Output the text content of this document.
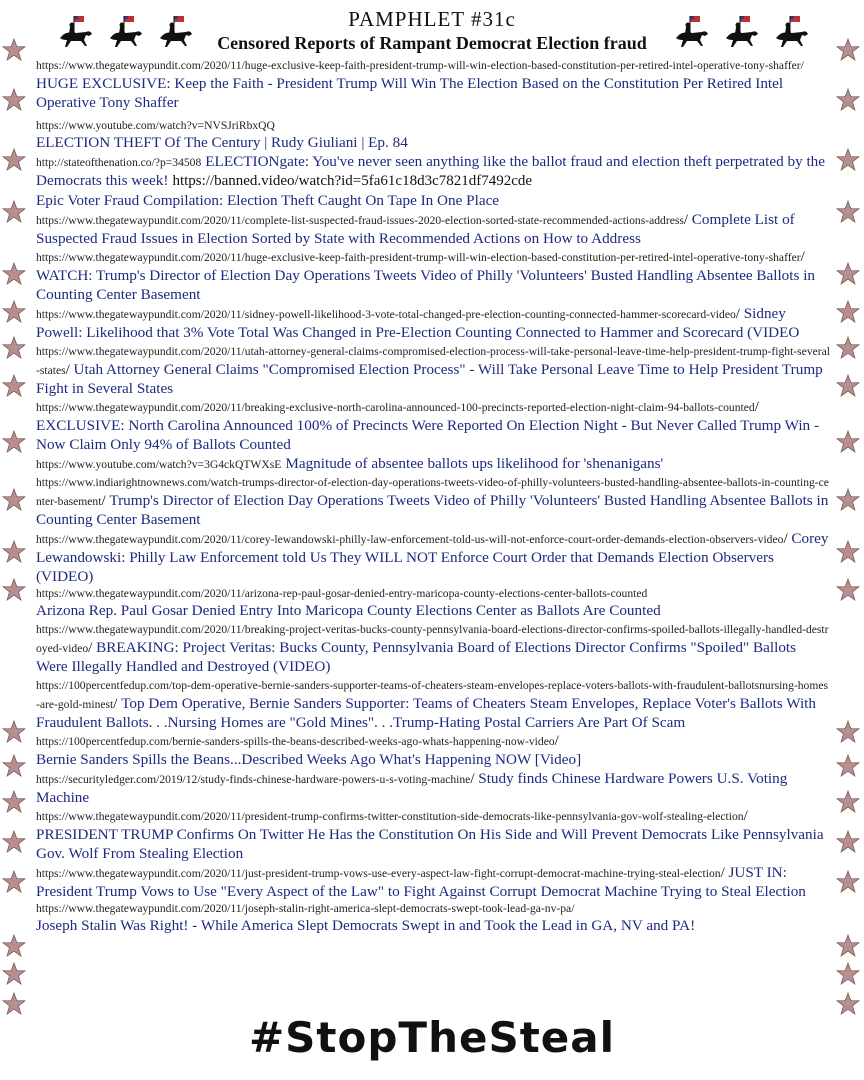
PAMPHLET #31c
Censored Reports of Rampant Democrat Election fraud
https://www.thegatewaypundit.com/2020/11/huge-exclusive-keep-faith-president-trump-will-win-election-based-constitution-per-retired-intel-operative-tony-shaffer/ HUGE EXCLUSIVE: Keep the Faith - President Trump Will Win The Election Based on the Constitution Per Retired Intel Operative Tony Shaffer
https://www.youtube.com/watch?v=NVSJriRbxQQ
ELECTION THEFT Of The Century | Rudy Giuliani | Ep. 84
http://stateofthenation.co/?p=34508 ELECTIONgate: You've never seen anything like the ballot fraud and election theft perpetrated by the Democrats this week! https://banned.video/watch?id=5fa61c18d3c7821df7492cde
Epic Voter Fraud Compilation: Election Theft Caught On Tape In One Place
https://www.thegatewaypundit.com/2020/11/complete-list-suspected-fraud-issues-2020-election-sorted-state-recommended-actions-address/ Complete List of Suspected Fraud Issues in Election Sorted by State with Recommended Actions on How to Address
https://www.thegatewaypundit.com/2020/11/huge-exclusive-keep-faith-president-trump-will-win-election-based-constitution-per-retired-intel-operative-tony-shaffer/ WATCH: Trump's Director of Election Day Operations Tweets Video of Philly 'Volunteers' Busted Handling Absentee Ballots in Counting Center Basement
https://www.thegatewaypundit.com/2020/11/sidney-powell-likelihood-3-vote-total-changed-pre-election-counting-connected-hammer-scorecard-video/ Sidney Powell: Likelihood that 3% Vote Total Was Changed in Pre-Election Counting Connected to Hammer and Scorecard (VIDEO
https://www.thegatewaypundit.com/2020/11/utah-attorney-general-claims-compromised-election-process-will-take-personal-leave-time-help-president-trump-fight-several-states/ Utah Attorney General Claims "Compromised Election Process" - Will Take Personal Leave Time to Help President Trump Fight in Several States
https://www.thegatewaypundit.com/2020/11/breaking-exclusive-north-carolina-announced-100-precincts-reported-election-night-claim-94-ballots-counted/ EXCLUSIVE: North Carolina Announced 100% of Precincts Were Reported On Election Night - But Never Called Trump Win - Now Claim Only 94% of Ballots Counted
https://www.youtube.com/watch?v=3G4ckQTWXsE Magnitude of absentee ballots ups likelihood for 'shenanigans'
https://www.indiarightnownews.com/watch-trumps-director-of-election-day-operations-tweets-video-of-philly-volunteers-busted-handling-absentee-ballots-in-counting-center-basement/ Trump's Director of Election Day Operations Tweets Video of Philly 'Volunteers' Busted Handling Absentee Ballots in Counting Center Basement
https://www.thegatewaypundit.com/2020/11/corey-lewandowski-philly-law-enforcement-told-us-will-not-enforce-court-order-demands-election-observers-video/ Corey Lewandowski: Philly Law Enforcement told Us They WILL NOT Enforce Court Order that Demands Election Observers (VIDEO)
https://www.thegatewaypundit.com/2020/11/arizona-rep-paul-gosar-denied-entry-maricopa-county-elections-center-ballots-counted
Arizona Rep. Paul Gosar Denied Entry Into Maricopa County Elections Center as Ballots Are Counted
https://www.thegatewaypundit.com/2020/11/breaking-project-veritas-bucks-county-pennsylvania-board-elections-director-confirms-spoiled-ballots-illegally-handled-destroyed-video/ BREAKING: Project Veritas: Bucks County, Pennsylvania Board of Elections Director Confirms "Spoiled" Ballots Were Illegally Handled and Destroyed (VIDEO)
https://100percentfedup.com/top-dem-operative-bernie-sanders-supporter-teams-of-cheaters-steam-envelopes-replace-voters-ballots-with-fraudulent-ballotsnursing-homes-are-gold-minest/ Top Dem Operative, Bernie Sanders Supporter: Teams of Cheaters Steam Envelopes, Replace Voter's Ballots With Fraudulent Ballots. . .Nursing Homes are "Gold Mines". . .Trump-Hating Postal Carriers Are Part Of Scam
https://100percentfedup.com/bernie-sanders-spills-the-beans-described-weeks-ago-whats-happening-now-video/
Bernie Sanders Spills the Beans...Described Weeks Ago What's Happening NOW [Video]
https://securityledger.com/2019/12/study-finds-chinese-hardware-powers-u-s-voting-machine/ Study finds Chinese Hardware Powers U.S. Voting Machine
https://www.thegatewaypundit.com/2020/11/president-trump-confirms-twitter-constitution-side-democrats-like-pennsylvania-gov-wolf-stealing-election/ PRESIDENT TRUMP Confirms On Twitter He Has the Constitution On His Side and Will Prevent Democrats Like Pennsylvania Gov. Wolf From Stealing Election
https://www.thegatewaypundit.com/2020/11/just-president-trump-vows-use-every-aspect-law-fight-corrupt-democrat-machine-trying-steal-election/ JUST IN: President Trump Vows to Use "Every Aspect of the Law" to Fight Against Corrupt Democrat Machine Trying to Steal Election
https://www.thegatewaypundit.com/2020/11/joseph-stalin-right-america-slept-democrats-swept-took-lead-ga-nv-pa/
Joseph Stalin Was Right! - While America Slept Democrats Swept in and Took the Lead in GA, NV and PA!
#StopTheSteal
